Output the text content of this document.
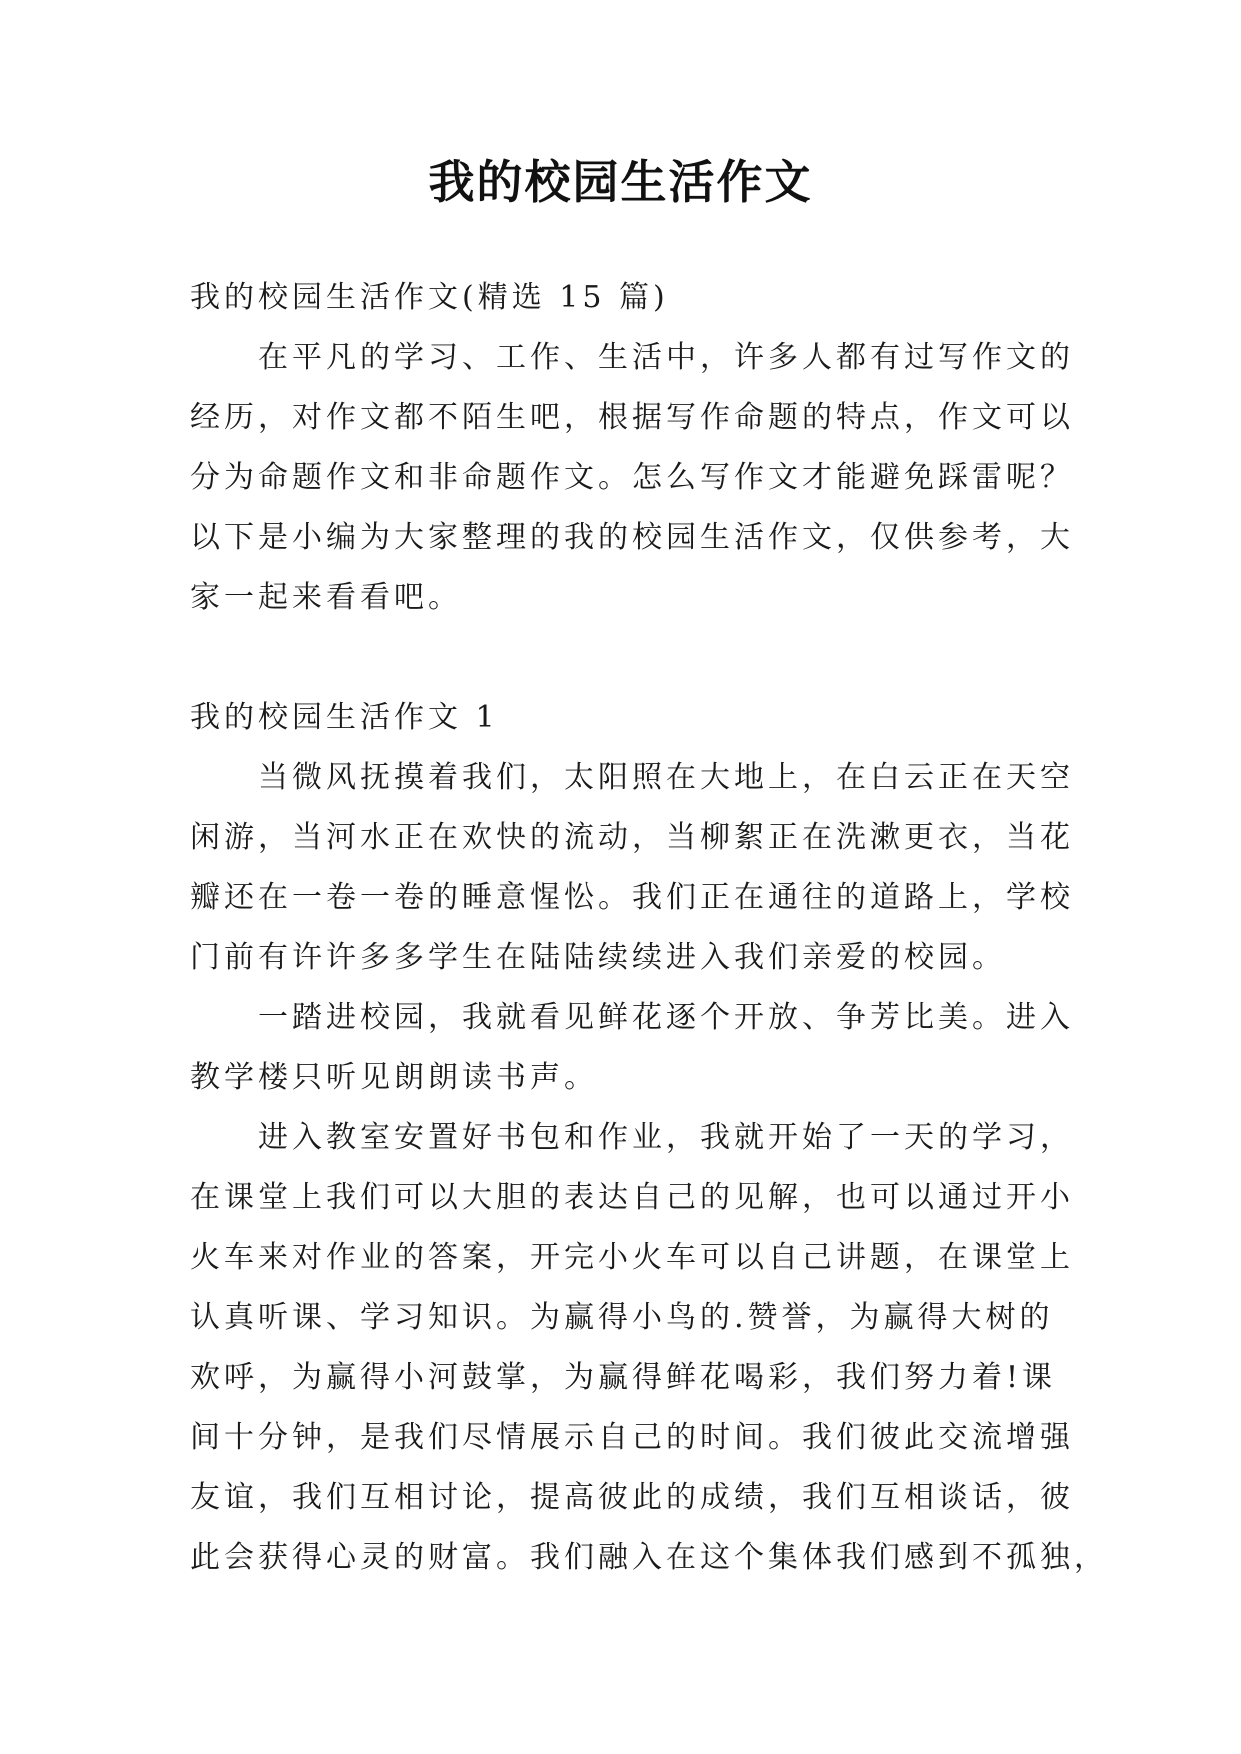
我的校园生活作文
我的校园生活作文(精选 15 篇)
在平凡的学习、工作、生活中，许多人都有过写作文的
经历，对作文都不陌生吧，根据写作命题的特点，作文可以
分为命题作文和非命题作文。怎么写作文才能避免踩雷呢？
以下是小编为大家整理的我的校园生活作文，仅供参考，大
家一起来看看吧。
我的校园生活作文 1
当微风抚摸着我们，太阳照在大地上，在白云正在天空
闲游，当河水正在欢快的流动，当柳絮正在洗漱更衣，当花
瓣还在一卷一卷的睡意惺忪。我们正在通往的道路上，学校
门前有许许多多学生在陆陆续续进入我们亲爱的校园。
一踏进校园，我就看见鲜花逐个开放、争芳比美。进入
教学楼只听见朗朗读书声。
进入教室安置好书包和作业，我就开始了一天的学习，
在课堂上我们可以大胆的表达自己的见解，也可以通过开小
火车来对作业的答案，开完小火车可以自己讲题，在课堂上
认真听课、学习知识。为赢得小鸟的.赞誉，为赢得大树的
欢呼，为赢得小河鼓掌，为赢得鲜花喝彩，我们努力着!课
间十分钟，是我们尽情展示自己的时间。我们彼此交流增强
友谊，我们互相讨论，提高彼此的成绩，我们互相谈话，彼
此会获得心灵的财富。我们融入在这个集体我们感到不孤独，
